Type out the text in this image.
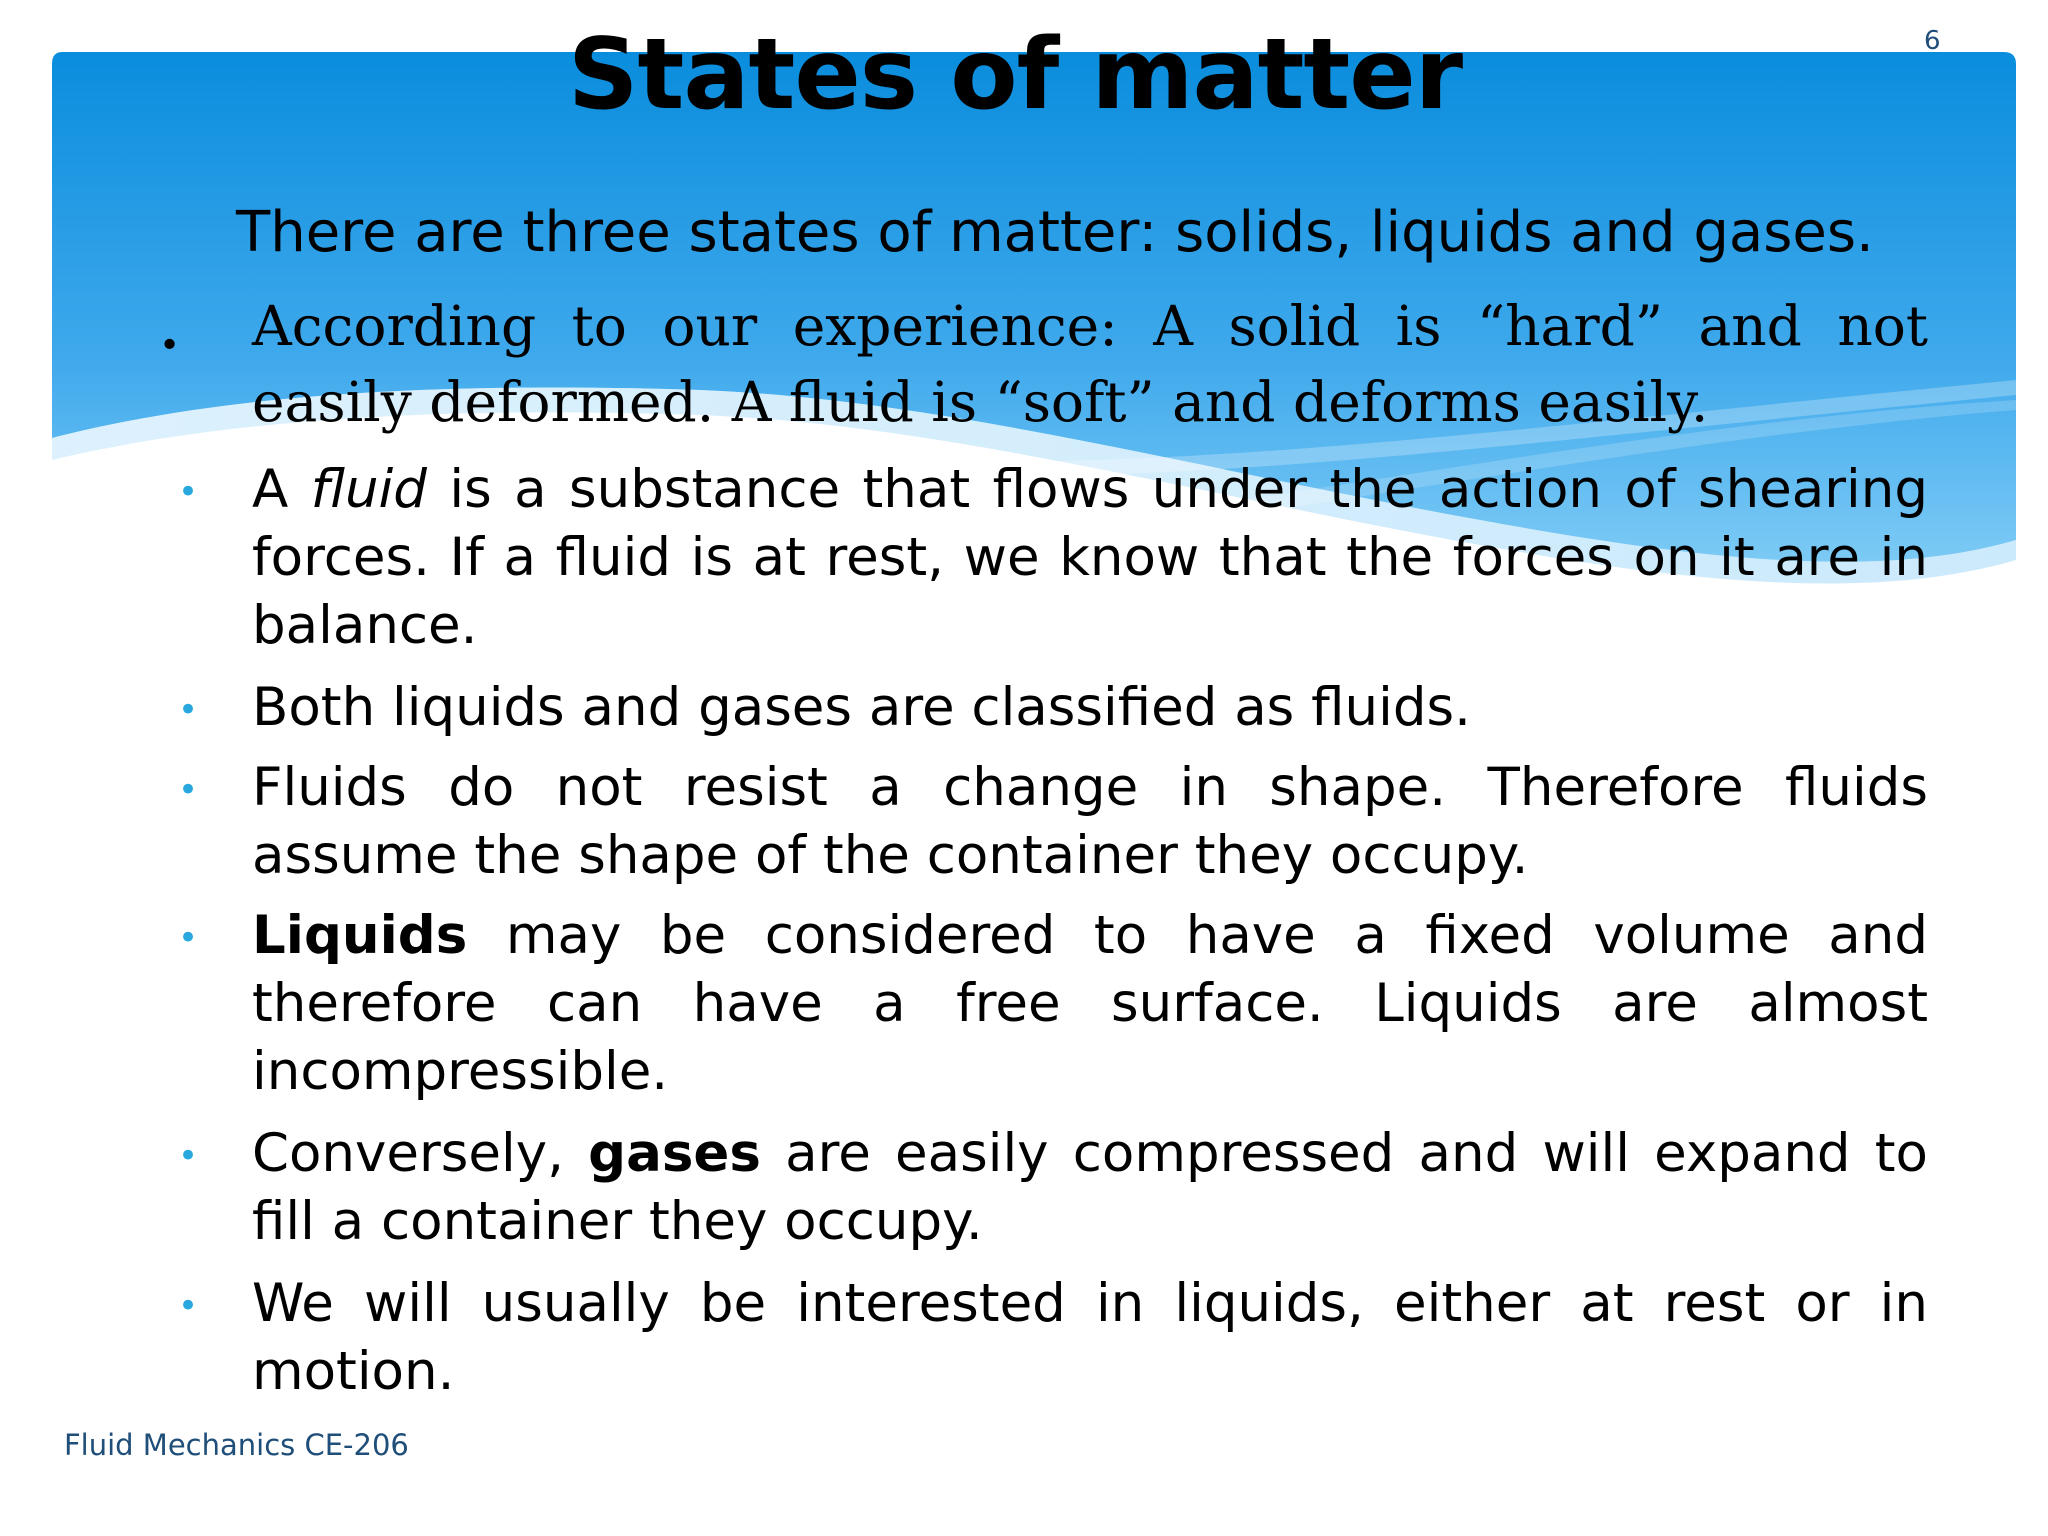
States of matter	6
There are three states of matter: solids, liquids and gases.
. According to our experience: A solid is “hard” and not easily deformed. A fluid is “soft” and deforms easily.
• A fluid is a substance that flows under the action of shearing forces. If a fluid is at rest, we know that the forces on it are in balance.
• Both liquids and gases are classified as fluids.
• Fluids do not resist a change in shape. Therefore fluids assume the shape of the container they occupy.
• Liquids may be considered to have a fixed volume and therefore can have a free surface. Liquids are almost incompressible.
• Conversely, gases are easily compressed and will expand to fill a container they occupy.
• We will usually be interested in liquids, either at rest or in motion.
Fluid Mechanics CE-206
